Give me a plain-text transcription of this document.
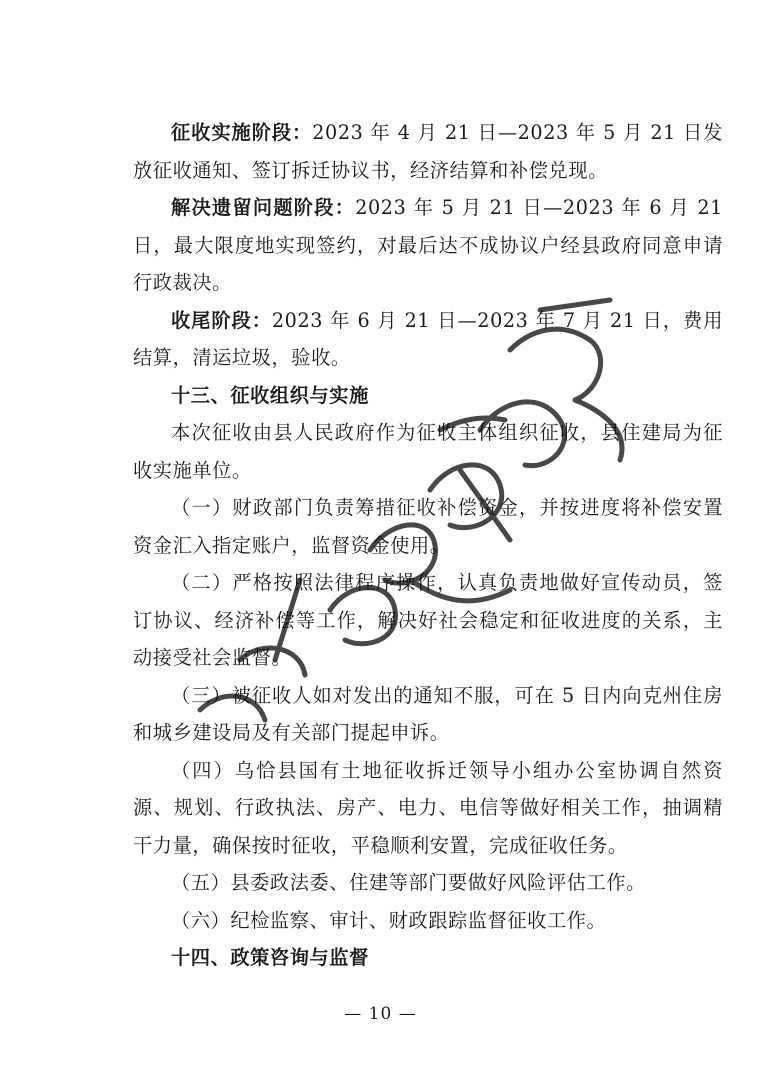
征收实施阶段：2023 年 4 月 21 日—2023 年 5 月 21 日发放征收通知、签订拆迁协议书，经济结算和补偿兑现。

解决遗留问题阶段：2023 年 5 月 21 日—2023 年 6 月 21 日，最大限度地实现签约，对最后达不成协议户经县政府同意申请行政裁决。

收尾阶段：2023 年 6 月 21 日—2023 年 7 月 21 日，费用结算，清运垃圾，验收。

十三、征收组织与实施

本次征收由县人民政府作为征收主体组织征收，县住建局为征收实施单位。

（一）财政部门负责筹措征收补偿资金，并按进度将补偿安置资金汇入指定账户，监督资金使用。

（二）严格按照法律程序操作，认真负责地做好宣传动员，签订协议、经济补偿等工作，解决好社会稳定和征收进度的关系，主动接受社会监督。

（三）被征收人如对发出的通知不服，可在 5 日内向克州住房和城乡建设局及有关部门提起申诉。

（四）乌恰县国有土地征收拆迁领导小组办公室协调自然资源、规划、行政执法、房产、电力、电信等做好相关工作，抽调精干力量，确保按时征收，平稳顺利安置，完成征收任务。

（五）县委政法委、住建等部门要做好风险评估工作。

（六）纪检监察、审计、财政跟踪监督征收工作。

十四、政策咨询与监督

— 10 —
